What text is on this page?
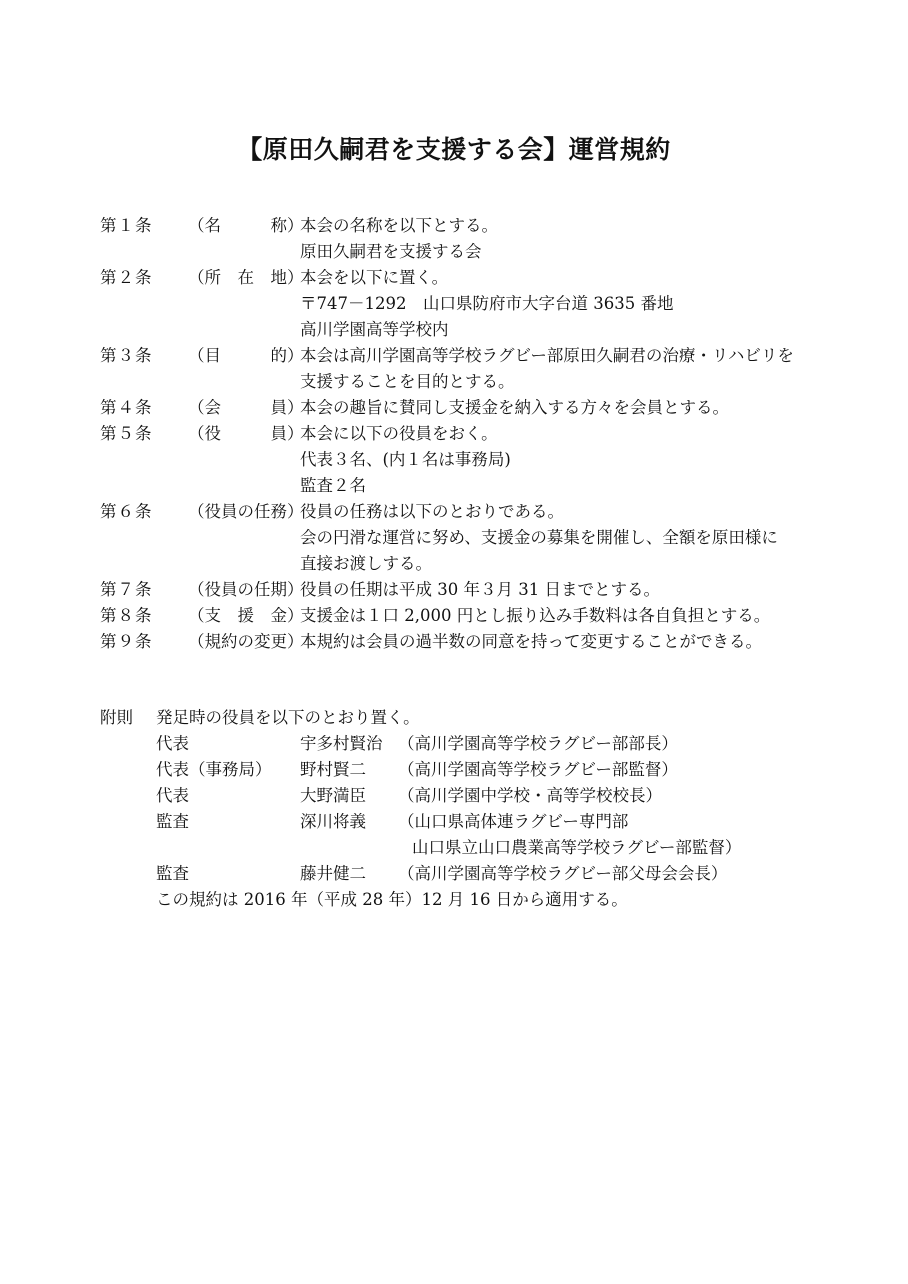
【原田久嗣君を支援する会】運営規約
第１条	（名　　　称）
本会の名称を以下とする。
原田久嗣君を支援する会
第２条	（所　在　地）
本会を以下に置く。
〒747－1292　山口県防府市大字台道 3635 番地
高川学園高等学校内
第３条	（目　　　的）
本会は高川学園高等学校ラグビー部原田久嗣君の治療・リハビリを
支援することを目的とする。
第４条	（会　　　員）
本会の趣旨に賛同し支援金を納入する方々を会員とする。
第５条	（役　　　員）
本会に以下の役員をおく。
代表３名、(内１名は事務局)
監査２名
第６条	（役員の任務）
役員の任務は以下のとおりである。
会の円滑な運営に努め、支援金の募集を開催し、全額を原田様に
直接お渡しする。
第７条	（役員の任期）
役員の任期は平成 30 年３月 31 日までとする。
第８条	（支　援　金）
支援金は１口 2,000 円とし振り込み手数料は各自負担とする。
第９条	（規約の変更）
本規約は会員の過半数の同意を持って変更することができる。
附則	発足時の役員を以下のとおり置く。
代表	宇多村賢治 （高川学園高等学校ラグビー部部長）
代表（事務局）	野村賢二	（高川学園高等学校ラグビー部監督）
代表	大野満臣	（高川学園中学校・高等学校校長）
監査	深川将義	（山口県高体連ラグビー専門部
山口県立山口農業高等学校ラグビー部監督）
監査	藤井健二	（高川学園高等学校ラグビー部父母会会長）
この規約は 2016 年（平成 28 年）12 月 16 日から適用する。
